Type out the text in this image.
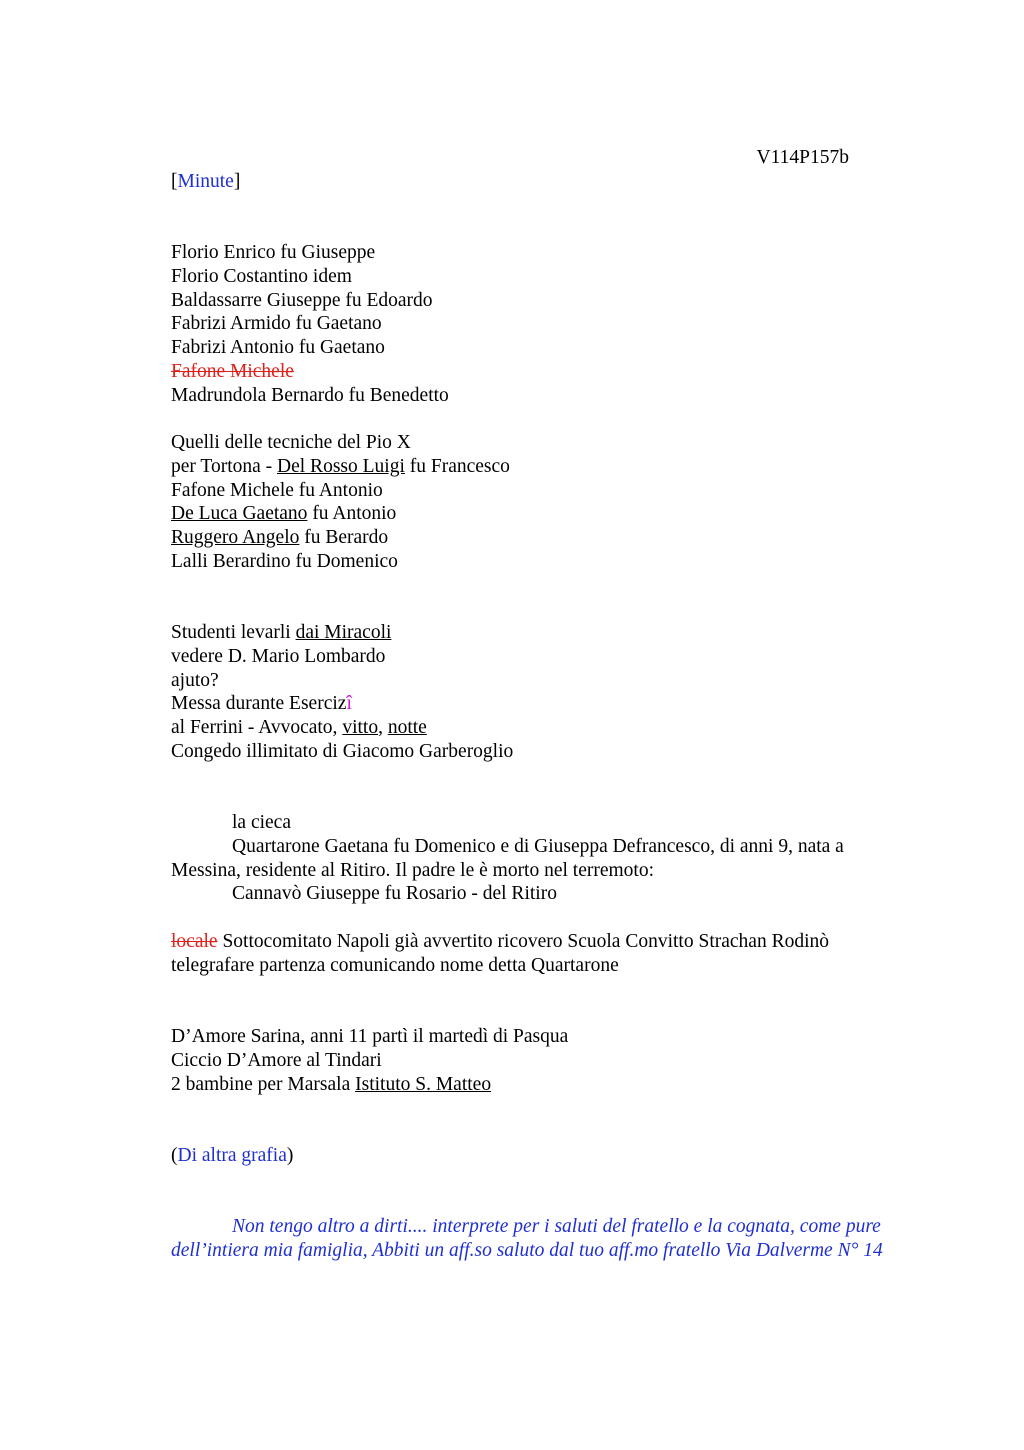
V114P157b
[Minute]
Florio Enrico fu Giuseppe
Florio Costantino idem
Baldassarre Giuseppe fu Edoardo
Fabrizi Armido fu Gaetano
Fabrizi Antonio fu Gaetano
Fafone Michele
Madrundola Bernardo fu Benedetto
Quelli delle tecniche del Pio X
per Tortona - Del Rosso Luigi fu Francesco
Fafone Michele fu Antonio
De Luca Gaetano fu Antonio
Ruggero Angelo fu Berardo
Lalli Berardino fu Domenico
Studenti levarli dai Miracoli
vedere D. Mario Lombardo
ajuto?
Messa durante Esercizî
al Ferrini - Avvocato, vitto, notte
Congedo illimitato di Giacomo Garberoglio
la cieca
Quartarone Gaetana fu Domenico e di Giuseppa Defrancesco, di anni 9, nata a Messina, residente al Ritiro. Il padre le è morto nel terremoto:
Cannavò Giuseppe fu Rosario - del Ritiro
locale Sottocomitato Napoli già avvertito ricovero Scuola Convitto Strachan Rodinò telegrafare partenza comunicando nome detta Quartarone
D’Amore Sarina, anni 11 partì il martedì di Pasqua
Ciccio D’Amore al Tindari
2 bambine per Marsala Istituto S. Matteo
(Di altra grafia)
Non tengo altro a dirti.... interprete per i saluti del fratello e la cognata, come pure dell’intiera mia famiglia, Abbiti un aff.so saluto dal tuo aff.mo fratello Via Dalverme N° 14
